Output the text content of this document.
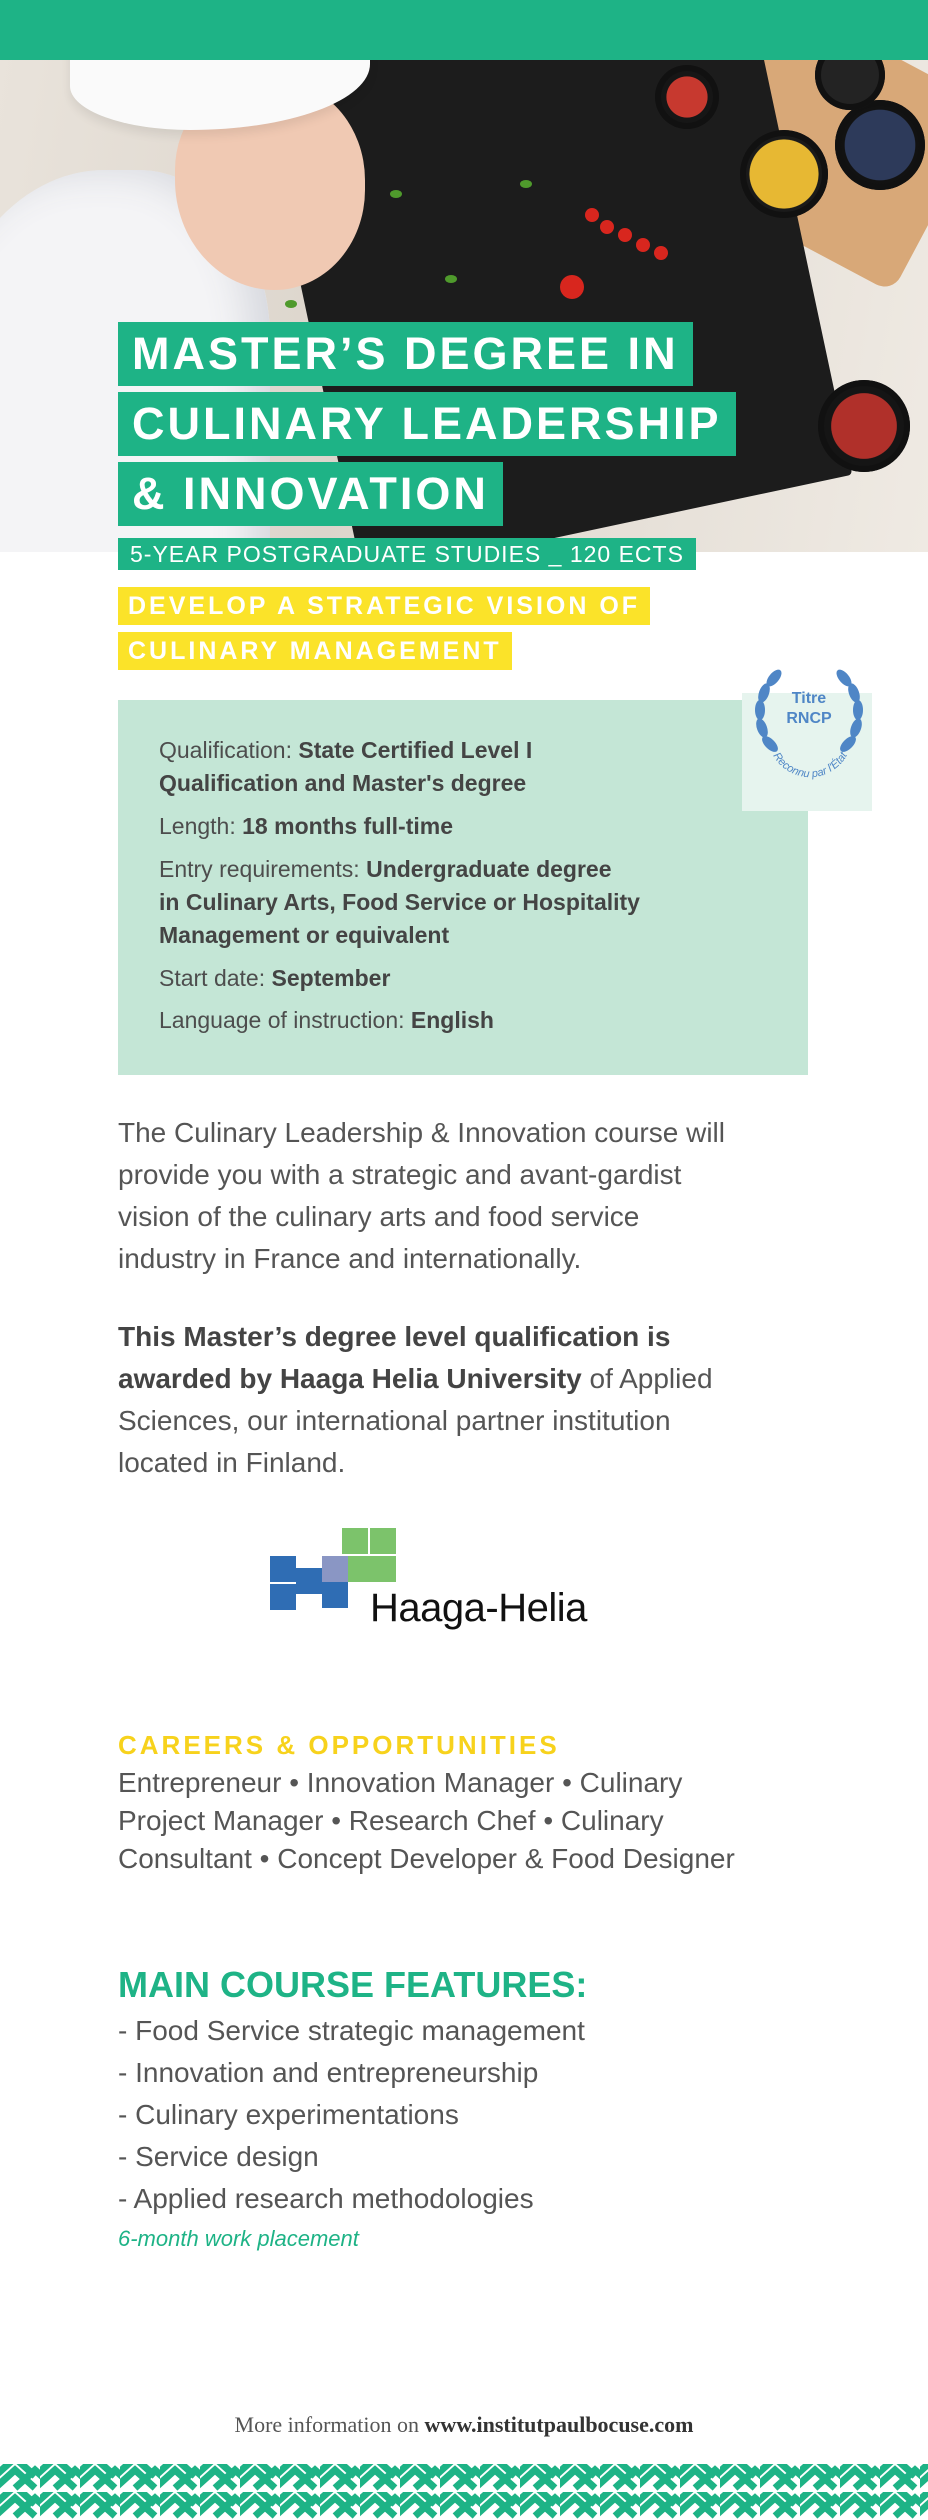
MASTER’S DEGREE IN
CULINARY LEADERSHIP
& INNOVATION
5-YEAR POSTGRADUATE STUDIES _ 120 ECTS
DEVELOP A STRATEGIC VISION OF
CULINARY MANAGEMENT
Qualification: State Certified Level I
Qualification and Master's degree
Length: 18 months full-time
Entry requirements: Undergraduate degree
in Culinary Arts, Food Service or Hospitality
Management or equivalent
Start date: September
Language of instruction: English
Titre
RNCP
Reconnu par l'État
The Culinary Leadership & Innovation course will
provide you with a strategic and avant-gardist
vision of the culinary arts and food service
industry in France and internationally.
This Master’s degree level qualification is
awarded by Haaga Helia University of Applied
Sciences, our international partner institution
located in Finland.
Haaga-Helia
CAREERS & OPPORTUNITIES
Entrepreneur • Innovation Manager • Culinary
Project Manager • Research Chef • Culinary
Consultant • Concept Developer & Food Designer
MAIN COURSE FEATURES:
- Food Service strategic management
- Innovation and entrepreneurship
- Culinary experimentations
- Service design
- Applied research methodologies
6-month work placement
More information on www.institutpaulbocuse.com
